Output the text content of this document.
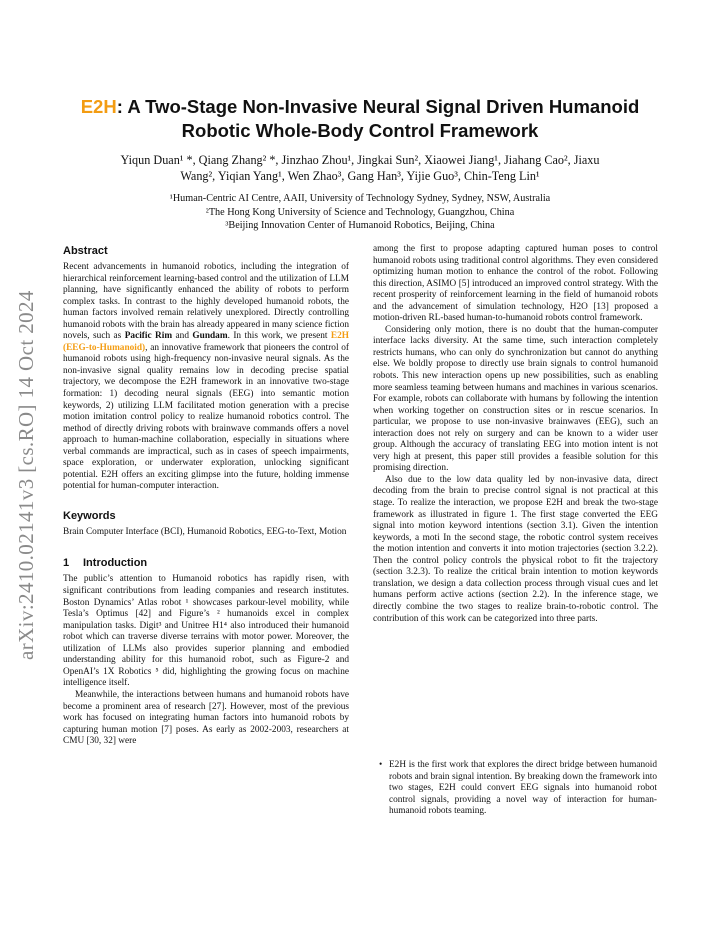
arXiv:2410.02141v3 [cs.RO] 14 Oct 2024
E2H: A Two-Stage Non-Invasive Neural Signal Driven Humanoid Robotic Whole-Body Control Framework
Yiqun Duan¹ *, Qiang Zhang² *, Jinzhao Zhou¹, Jingkai Sun², Xiaowei Jiang¹, Jiahang Cao², Jiaxu
Wang², Yiqian Yang¹, Wen Zhao³, Gang Han³, Yijie Guo³, Chin-Teng Lin¹
¹Human-Centric AI Centre, AAII, University of Technology Sydney, Sydney, NSW, Australia
²The Hong Kong University of Science and Technology, Guangzhou, China
³Beijing Innovation Center of Humanoid Robotics, Beijing, China
Abstract

Recent advancements in humanoid robotics, including the integration of hierarchical reinforcement learning-based control and the utilization of LLM planning, have significantly enhanced the ability of robots to perform complex tasks. In contrast to the highly developed humanoid robots, the human factors involved remain relatively unexplored. Directly controlling humanoid robots with the brain has already appeared in many science fiction novels, such as Pacific Rim and Gundam. In this work, we present E2H (EEG-to-Humanoid), an innovative framework that pioneers the control of humanoid robots using high-frequency non-invasive neural signals. As the non-invasive signal quality remains low in decoding precise spatial trajectory, we decompose the E2H framework in an innovative two-stage formation: 1) decoding neural signals (EEG) into semantic motion keywords, 2) utilizing LLM facilitated motion generation with a precise motion imitation control policy to realize humanoid robotics control. The method of directly driving robots with brainwave commands offers a novel approach to human-machine collaboration, especially in situations where verbal commands are impractical, such as in cases of speech impairments, space exploration, or underwater exploration, unlocking significant potential. E2H offers an exciting glimpse into the future, holding immense potential for human-computer interaction.

Keywords

Brain Computer Interface (BCI), Humanoid Robotics, EEG-to-Text, Motion

1 Introduction

The public’s attention to Humanoid robotics has rapidly risen, with significant contributions from leading companies and research institutes. Boston Dynamics’ Atlas robot ¹ showcases parkour-level mobility, while Tesla’s Optimus [42] and Figure’s ² humanoids excel in complex manipulation tasks. Digit³ and Unitree H1⁴ also introduced their humanoid robot which can traverse diverse terrains with motor power. Moreover, the utilization of LLMs also provides superior planning and embodied understanding ability for this humanoid robot, such as Figure-2 and OpenAI’s 1X Robotics ⁵ did, highlighting the growing focus on machine intelligence itself.

Meanwhile, the interactions between humans and humanoid robots have become a prominent area of research [27]. However, most of the previous work has focused on integrating human factors into humanoid robots by capturing human motion [7] poses. As early as 2002-2003, researchers at CMU [30, 32] were

among the first to propose adapting captured human poses to control humanoid robots using traditional control algorithms. They even considered optimizing human motion to enhance the control of the robot. Following this direction, ASIMO [5] introduced an improved control strategy. With the recent prosperity of reinforcement learning in the field of humanoid robots and the advancement of simulation technology, H2O [13] proposed a motion-driven RL-based human-to-humanoid robots control framework.

Considering only motion, there is no doubt that the human-computer interface lacks diversity. At the same time, such interaction completely restricts humans, who can only do synchronization but cannot do anything else. We boldly propose to directly use brain signals to control humanoid robots. This new interaction opens up new possibilities, such as enabling more seamless teaming between humans and machines in various scenarios. For example, robots can collaborate with humans by following the intention when working together on construction sites or in rescue scenarios. In particular, we propose to use non-invasive brainwaves (EEG), such an interaction does not rely on surgery and can be known to a wider user group. Although the accuracy of translating EEG into motion intent is not very high at present, this paper still provides a feasible solution for this promising direction.

Also due to the low data quality led by non-invasive data, direct decoding from the brain to precise control signal is not practical at this stage. To realize the interaction, we propose E2H and break the two-stage framework as illustrated in figure 1. The first stage converted the EEG signal into motion keyword intentions (section 3.1). Given the intention keywords, a moti In the second stage, the robotic control system receives the motion intention and converts it into motion trajectories (section 3.2.2). Then the control policy controls the physical robot to fit the trajectory (section 3.2.3). To realize the critical brain intention to motion keywords translation, we design a data collection process through visual cues and let humans perform active actions (section 2.2). In the inference stage, we directly combine the two stages to realize brain-to-robotic control. The contribution of this work can be categorized into three parts.

• E2H is the first work that explores the direct bridge between humanoid robots and brain signal intention. By breaking down the framework into two stages, E2H could convert EEG signals into humanoid robot control signals, providing a novel way of interaction for human-humanoid robots teaming.
